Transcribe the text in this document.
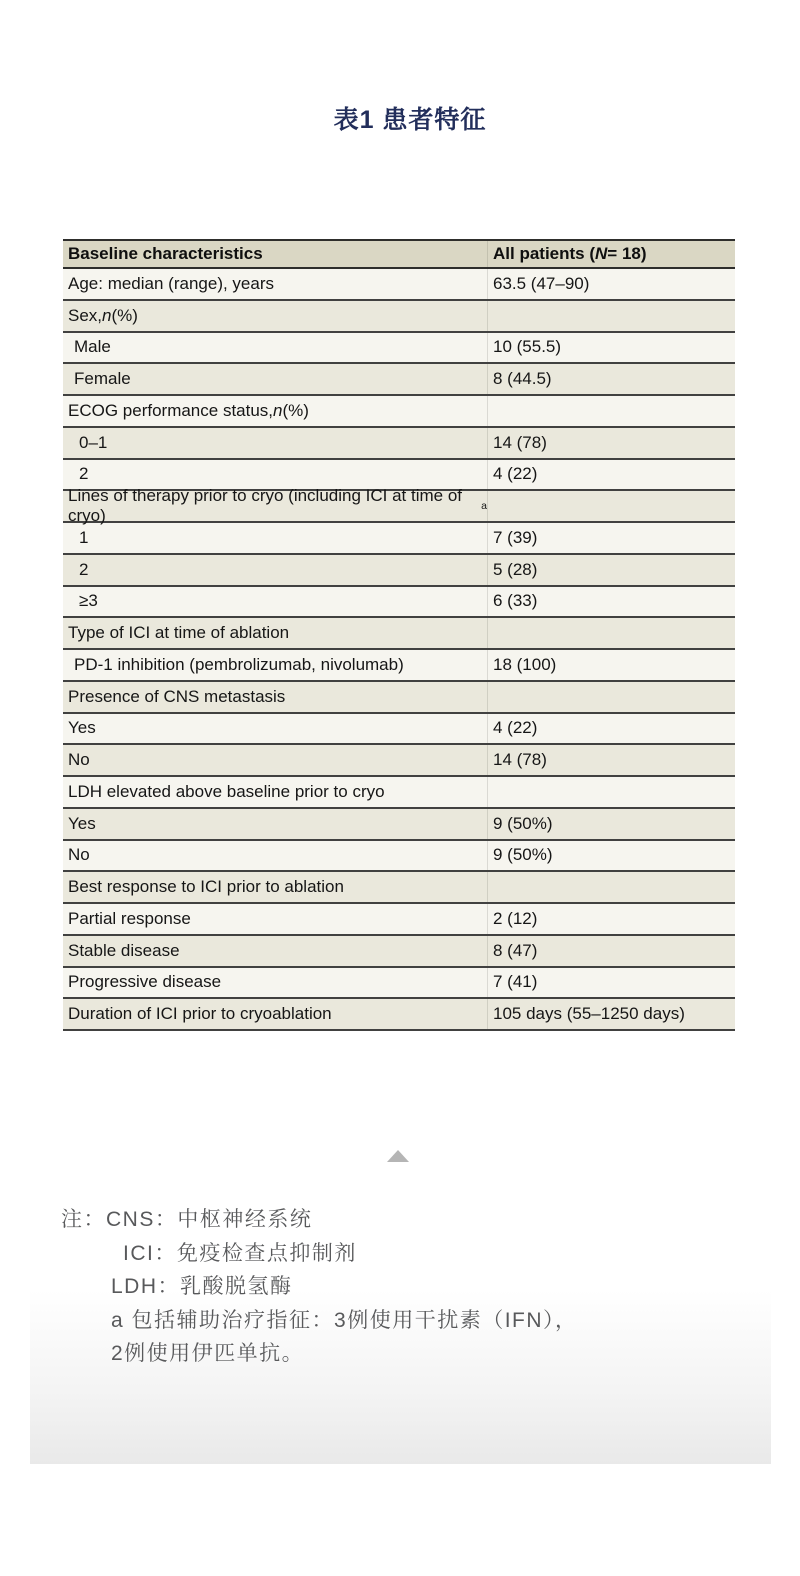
表1 患者特征
Baseline characteristics	All patients ( N = 18)
Age: median (range), years	63.5 (47–90)
Sex, n (%)
Male	10 (55.5)
Female	8 (44.5)
ECOG performance status, n (%)
0–1	14 (78)
2	4 (22)
Lines of therapy prior to cryo (including ICI at time of cryo)	a
1	7 (39)
2	5 (28)
≥3	6 (33)
Type of ICI at time of ablation
PD-1 inhibition (pembrolizumab, nivolumab)	18 (100)
Presence of CNS metastasis
Yes	4 (22)
No	14 (78)
LDH elevated above baseline prior to cryo
Yes	9 (50%)
No	9 (50%)
Best response to ICI prior to ablation
Partial response	2 (12)
Stable disease	8 (47)
Progressive disease	7 (41)
Duration of ICI prior to cryoablation	105 days (55–1250 days)
注：CNS：中枢神经系统
ICI：免疫检查点抑制剂
LDH：乳酸脱氢酶
a 包括辅助治疗指征：3例使用干扰素（IFN），
2例使用伊匹单抗。
